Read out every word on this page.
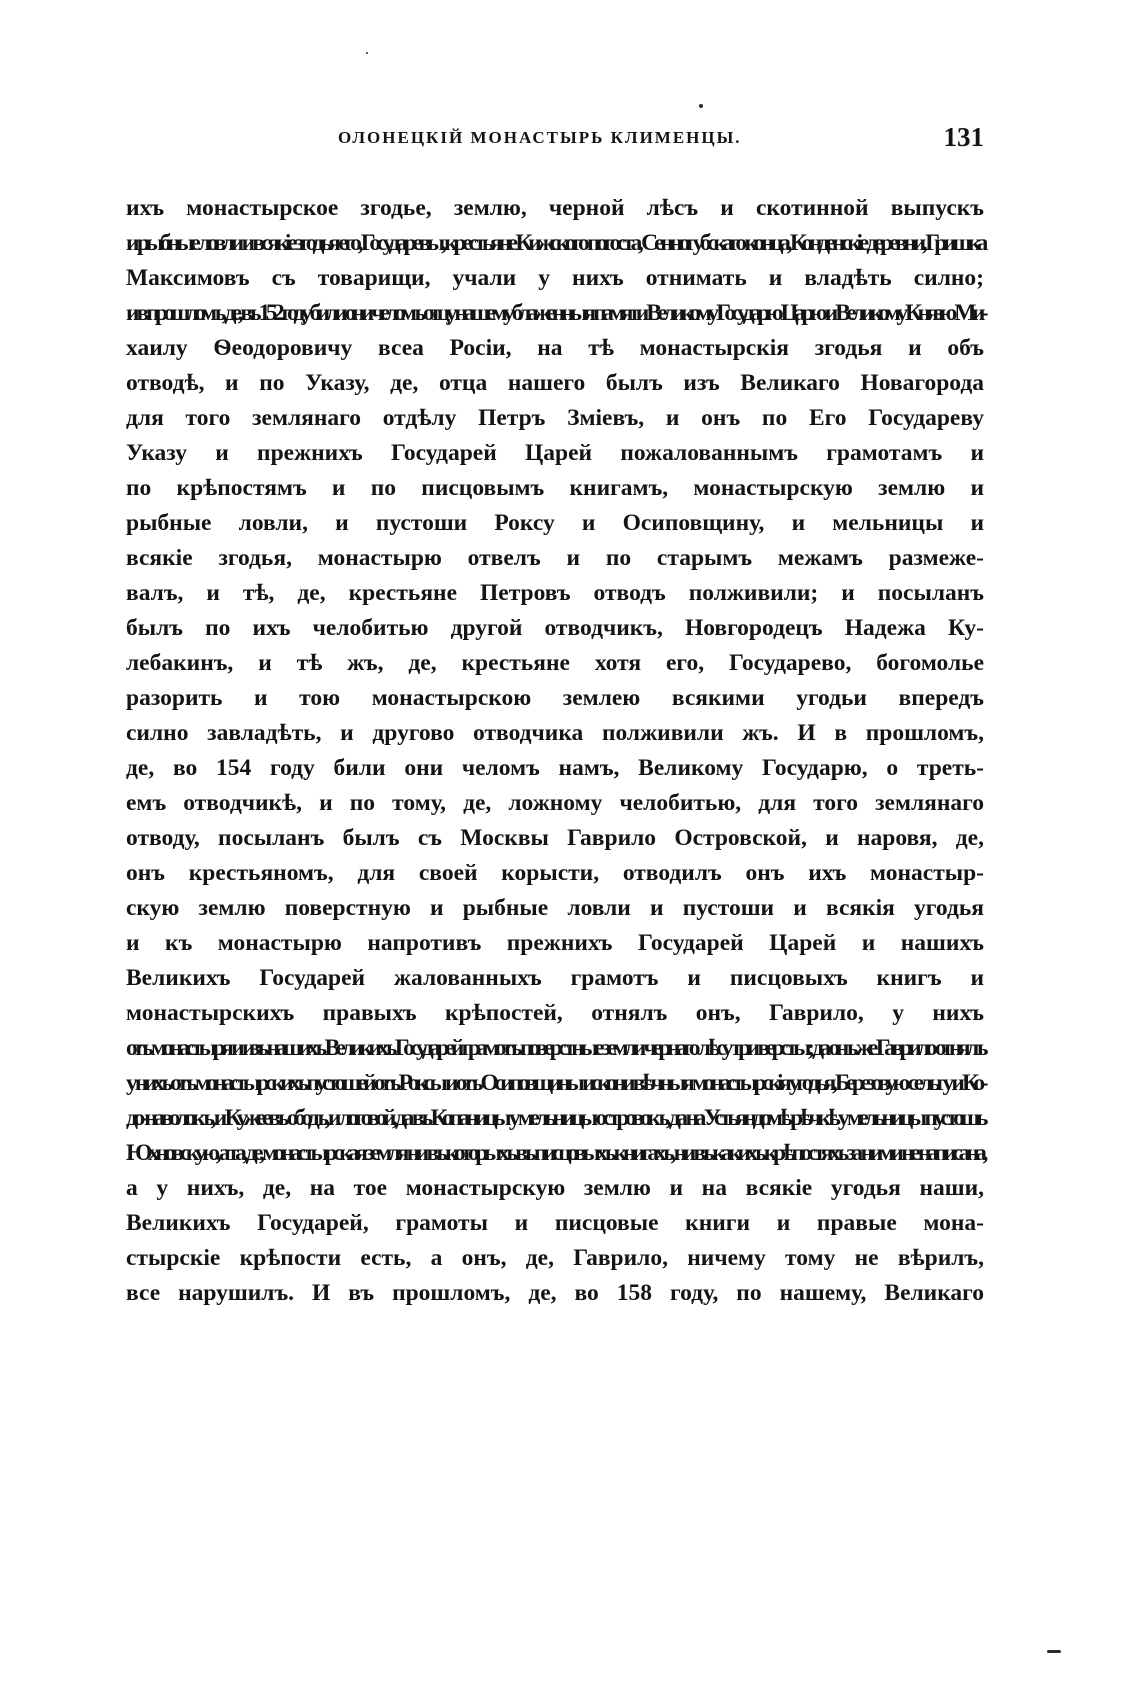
ОЛОНЕЦКІЙ МОНАСТЫРЬ КЛИМЕНЦЫ.	131
ихъ монастырское згодье, землю, черной лѣсъ и скотинной выпускъ
и рыбные ловли и всякіе згодья его, Государевы, крестьяне Кижского погоста, Сенногубскаго конца, Конденскіе деревни, Гришка
Максимовъ съ товарищи, учали у нихъ отнимать и владѣть силно;
и в прошломъ, де, въ 152 году били они челомъ отцу нашему блаженныя памяти Великому Государю Царю и Великому Князю Ми-
хаилу Ѳеодоровичу всеа Росіи, на тѣ монастырскія згодья и объ
отводѣ, и по Указу, де, отца нашего былъ изъ Великаго Новагорода
для того землянаго отдѣлу Петръ Зміевъ, и онъ по Его Государеву
Указу и прежнихъ Государей Царей пожалованнымъ грамотамъ и
по крѣпостямъ и по писцовымъ книгамъ, монастырскую землю и
рыбные ловли, и пустоши Роксу и Осиповщину, и мельницы и
всякіе згодья, монастырю отвелъ и по старымъ межамъ размеже-
валъ, и тѣ, де, крестьяне Петровъ отводъ полживили; и посыланъ
былъ по ихъ челобитью другой отводчикъ, Новгородецъ Надежа Ку-
лебакинъ, и тѣ жъ, де, крестьяне хотя его, Государево, богомолье
разорить и тою монастырскою землею всякими угодьи впередъ
силно завладѣть, и другово отводчика полживили жъ. И в прошломъ,
де, во 154 году били они челомъ намъ, Великому Государю, о треть-
емъ отводчикѣ, и по тому, де, ложному челобитью, для того землянаго
отводу, посыланъ былъ съ Москвы Гаврило Островской, и наровя, де,
онъ крестьяномъ, для своей корысти, отводилъ онъ ихъ монастыр-
скую землю поверстную и рыбные ловли и пустоши и всякія угодья
и къ монастырю напротивъ прежнихъ Государей Царей и нашихъ
Великихъ Государей жалованныхъ грамотъ и писцовыхъ книгъ и
монастырскихъ правыхъ крѣпостей, отнялъ онъ, Гаврило, у нихъ
отъ монастыря и изъ нашихъ Великихъ Государей грамотъ поверстные земли чернаго лѣсу три версты; да онъ же Гаврило отнялъ
у нихъ отъ монастырскихъ пустошей отъ Роксы и отъ Осиповщины искони вѣчныя монастырскія угодья, Березовую сельгу и Ко-
до-наволокъ, и Кужеевъ ободъ, и логовой, да въ Копаницы у мельницы островокъ, да на Устьяндомѣ рѣчкѣ у мельницы пустошь
Юхновскую, а та, де, монастырская земля ни въ которыхъ въ писцовыхъ книгахъ, ни въ какихъ крѣпостяхъ за ними не написана,
а у нихъ, де, на тое монастырскую землю и на всякіе угодья наши,
Великихъ Государей, грамоты и писцовые книги и правые мона-
стырскіе крѣпости есть, а онъ, де, Гаврило, ничему тому не вѣрилъ,
все нарушилъ. И въ прошломъ, де, во 158 году, по нашему, Великаго
